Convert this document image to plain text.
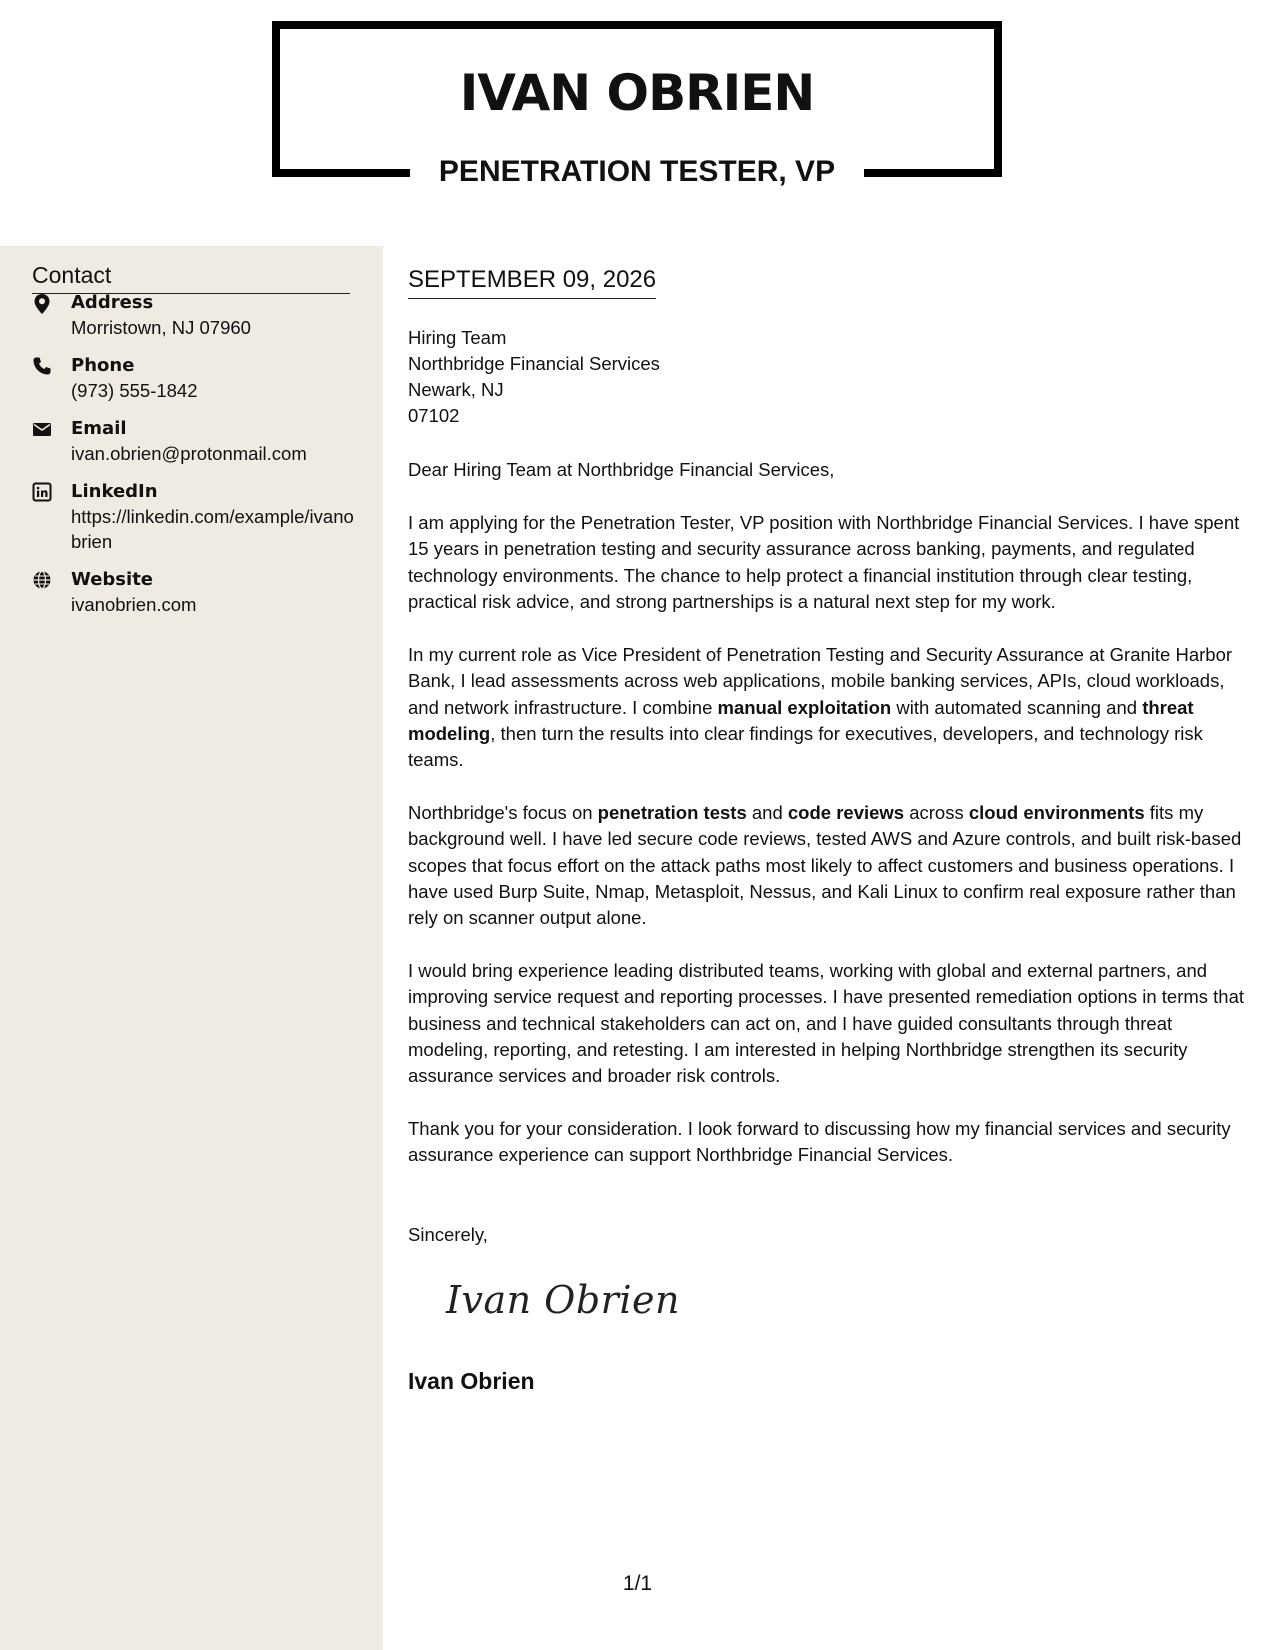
IVAN OBRIEN
PENETRATION TESTER, VP
Contact
Address
Morristown, NJ 07960
Phone
(973) 555-1842
Email
ivan.obrien@protonmail.com
LinkedIn
https://linkedin.com/example/ivanobrien
Website
ivanobrien.com
SEPTEMBER 09, 2026
Hiring Team
Northbridge Financial Services
Newark, NJ
07102
Dear Hiring Team at Northbridge Financial Services,

I am applying for the Penetration Tester, VP position with Northbridge Financial Services. I have spent 15 years in penetration testing and security assurance across banking, payments, and regulated technology environments. The chance to help protect a financial institution through clear testing, practical risk advice, and strong partnerships is a natural next step for my work.

In my current role as Vice President of Penetration Testing and Security Assurance at Granite Harbor Bank, I lead assessments across web applications, mobile banking services, APIs, cloud workloads, and network infrastructure. I combine manual exploitation with automated scanning and threat modeling, then turn the results into clear findings for executives, developers, and technology risk teams.

Northbridge's focus on penetration tests and code reviews across cloud environments fits my background well. I have led secure code reviews, tested AWS and Azure controls, and built risk-based scopes that focus effort on the attack paths most likely to affect customers and business operations. I have used Burp Suite, Nmap, Metasploit, Nessus, and Kali Linux to confirm real exposure rather than rely on scanner output alone.

I would bring experience leading distributed teams, working with global and external partners, and improving service request and reporting processes. I have presented remediation options in terms that business and technical stakeholders can act on, and I have guided consultants through threat modeling, reporting, and retesting. I am interested in helping Northbridge strengthen its security assurance services and broader risk controls.

Thank you for your consideration. I look forward to discussing how my financial services and security assurance experience can support Northbridge Financial Services.

Sincerely,
Ivan Obrien
Ivan Obrien
1/1
